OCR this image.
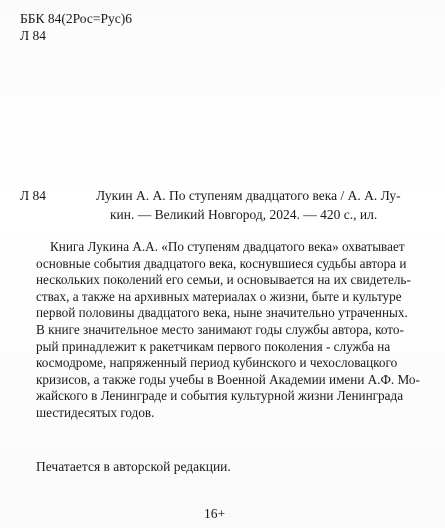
ББК 84(2Рос=Рус)6
Л 84
Л 84	Лукин А. А. По ступеням двадцатого века / А. А. Лу-
кин. — Великий Новгород, 2024. — 420 с., ил.
Книга Лукина А.А. «По ступеням двадцатого века» охватывает
основные события двадцатого века, коснувшиеся судьбы автора и
нескольких поколений его семьи, и основывается на их свидетель-
ствах, а также на архивных материалах о жизни, быте и культуре
первой половины двадцатого века, ныне значительно утраченных.
В книге значительное место занимают годы службы автора, кото-
рый принадлежит к ракетчикам первого поколения - служба на
космодроме, напряженный период кубинского и чехословацкого
кризисов, а также годы учебы в Военной Академии имени А.Ф. Мо-
жайского в Ленинграде и события культурной жизни Ленинграда
шестидесятых годов.
Печатается в авторской редакции.
16+
